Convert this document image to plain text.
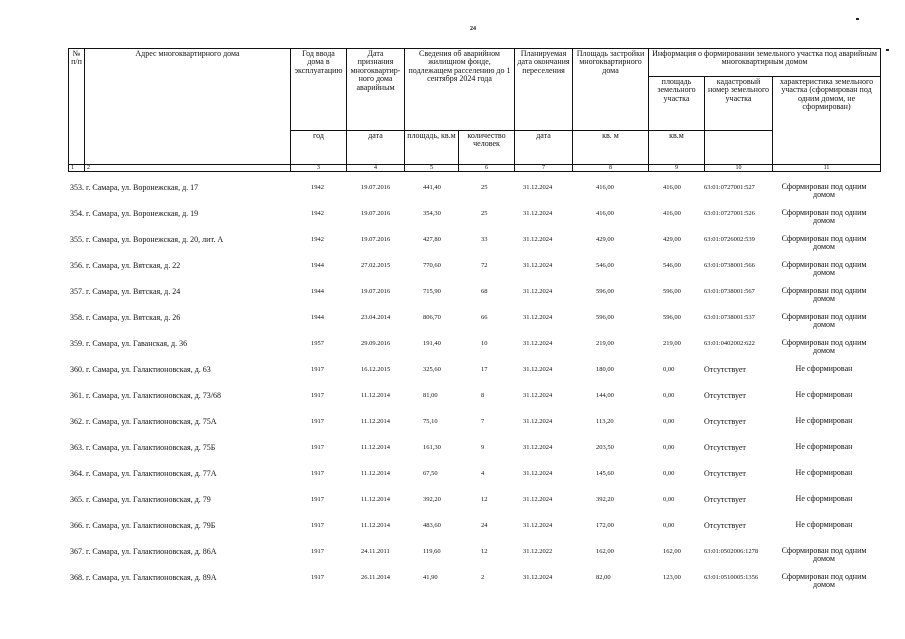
24
№ п/п	Адрес многоквартирного дома	Год ввода дома в эксплуатацию	Дата признания многоквартир-ного дома аварийным	Сведения об аварийном жилищном фонде, подлежащем расселению до 1 сентября 2024 года		Планируемая дата окончания переселения	Площадь застройки многоквартирного дома	Информация о формировании земельного участка под аварийным многоквартирным домом		
								площадь земельного участка	кадастровый номер земельного участка	характеристика земельного участка (сформирован под одним домом, не сформирован)
		год	дата	площадь, кв.м	количество человек	дата	кв. м	кв.м		
1	2	3	4	5	6	7	8	9	10	11
353. г. Самара, ул. Воронежская, д. 17	1942	19.07.2016	441,40	25	31.12.2024	416,00	416,00	63:01:0727001:527	Сформирован под одним домом
354. г. Самара, ул. Воронежская, д. 19	1942	19.07.2016	354,30	25	31.12.2024	416,00	416,00	63:01:0727001:526	Сформирован под одним домом
355. г. Самара, ул. Воронежская, д. 20, лит. А	1942	19.07.2016	427,80	33	31.12.2024	429,00	429,00	63:01:0726002:539	Сформирован под одним домом
356. г. Самара, ул. Вятская, д. 22	1944	27.02.2015	770,60	72	31.12.2024	546,00	546,00	63:01:0738001:566	Сформирован под одним домом
357. г. Самара, ул. Вятская, д. 24	1944	19.07.2016	715,90	68	31.12.2024	596,00	596,00	63:01:0738001:567	Сформирован под одним домом
358. г. Самара, ул. Вятская, д. 26	1944	23.04.2014	806,70	66	31.12.2024	596,00	596,00	63:01:0738001:537	Сформирован под одним домом
359. г. Самара, ул. Гаванская, д. 36	1957	29.09.2016	191,40	10	31.12.2024	219,00	219,00	63:01:0402002:622	Сформирован под одним домом
360. г. Самара, ул. Галактионовская, д. 63	1917	16.12.2015	325,60	17	31.12.2024	180,00	0,00	Отсутствует	Не сформирован
361. г. Самара, ул. Галактионовская, д. 73/68	1917	11.12.2014	81,00	8	31.12.2024	144,00	0,00	Отсутствует	Не сформирован
362. г. Самара, ул. Галактионовская, д. 75А	1917	11.12.2014	75,10	7	31.12.2024	113,20	0,00	Отсутствует	Не сформирован
363. г. Самара, ул. Галактионовская, д. 75Б	1917	11.12.2014	161,30	9	31.12.2024	203,50	0,00	Отсутствует	Не сформирован
364. г. Самара, ул. Галактионовская, д. 77А	1917	11.12.2014	67,50	4	31.12.2024	145,60	0,00	Отсутствует	Не сформирован
365. г. Самара, ул. Галактионовская, д. 79	1917	11.12.2014	392,20	12	31.12.2024	392,20	0,00	Отсутствует	Не сформирован
366. г. Самара, ул. Галактионовская, д. 79Б	1917	11.12.2014	483,60	24	31.12.2024	172,00	0,00	Отсутствует	Не сформирован
367. г. Самара, ул. Галактионовская, д. 86А	1917	24.11.2011	119,60	12	31.12.2022	162,00	162,00	63:01:0502006:1278	Сформирован под одним домом
368. г. Самара, ул. Галактионовская, д. 89А	1917	26.11.2014	41,90	2	31.12.2024	82,00	123,00	63:01:0510005:1356	Сформирован под одним домом
